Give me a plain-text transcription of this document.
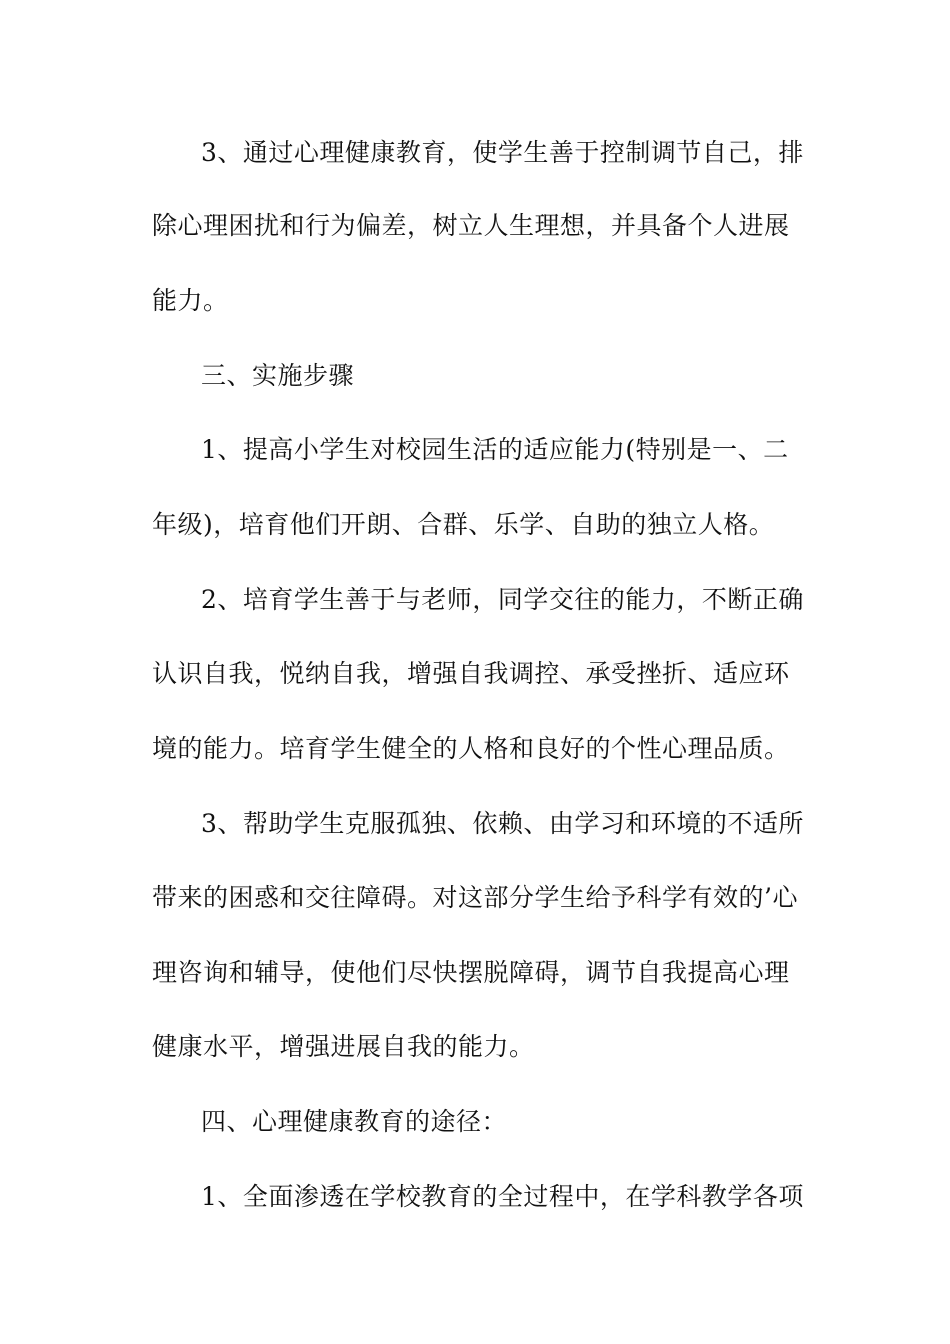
3、通过心理健康教育，使学生善于控制调节自己，排
除心理困扰和行为偏差，树立人生理想，并具备个人进展
能力。
三、实施步骤
1、提高小学生对校园生活的适应能力(特别是一、二
年级)，培育他们开朗、合群、乐学、自助的独立人格。
2、培育学生善于与老师，同学交往的能力，不断正确
认识自我，悦纳自我，增强自我调控、承受挫折、适应环
境的能力。培育学生健全的人格和良好的个性心理品质。
3、帮助学生克服孤独、依赖、由学习和环境的不适所
带来的困惑和交往障碍。对这部分学生给予科学有效的’心
理咨询和辅导，使他们尽快摆脱障碍，调节自我提高心理
健康水平，增强进展自我的能力。
四、心理健康教育的途径：
1、全面渗透在学校教育的全过程中，在学科教学各项
